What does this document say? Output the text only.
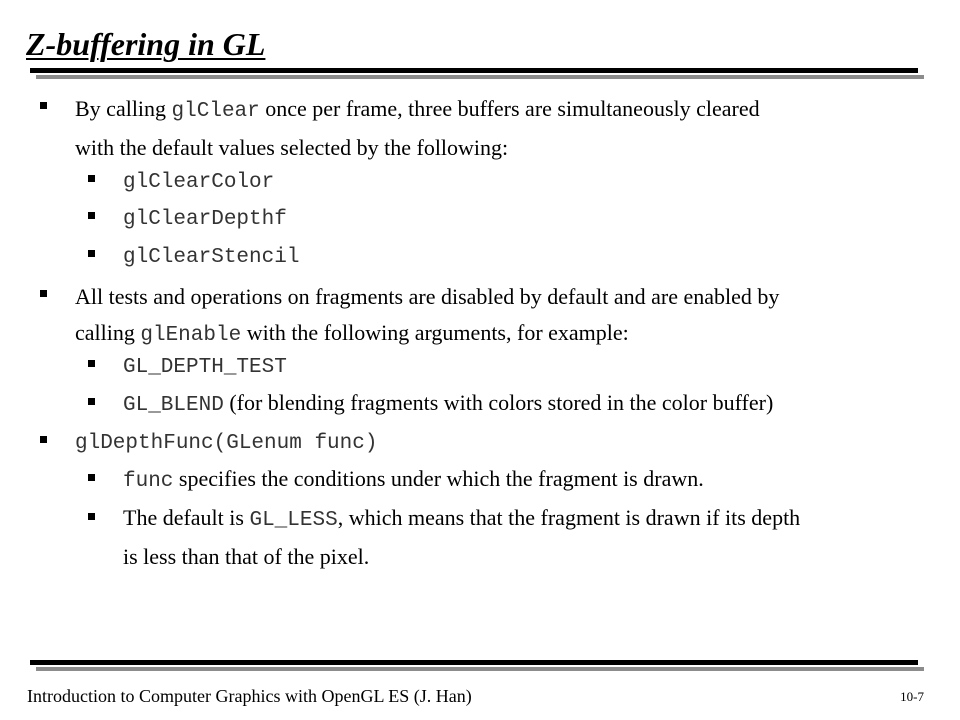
Z-buffering in GL
By calling glClear once per frame, three buffers are simultaneously cleared
with the default values selected by the following:
glClearColor
glClearDepthf
glClearStencil
All tests and operations on fragments are disabled by default and are enabled by
calling glEnable with the following arguments, for example:
GL_DEPTH_TEST
GL_BLEND (for blending fragments with colors stored in the color buffer)
glDepthFunc(GLenum func)
func specifies the conditions under which the fragment is drawn.
The default is GL_LESS, which means that the fragment is drawn if its depth
is less than that of the pixel.
Introduction to Computer Graphics with OpenGL ES (J. Han)	10-7
